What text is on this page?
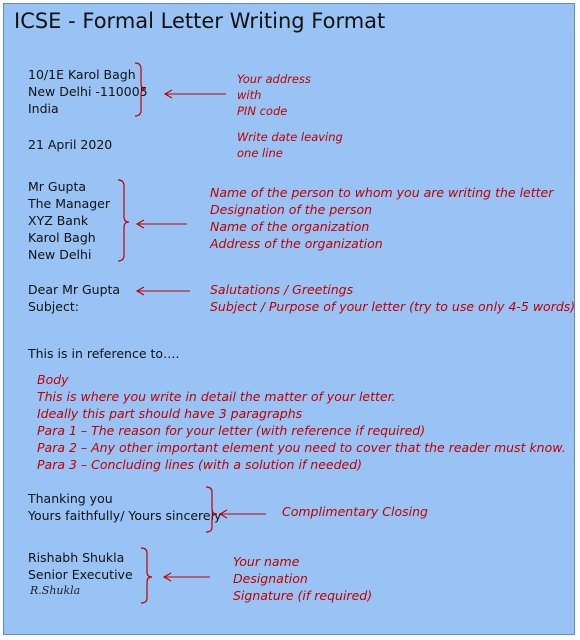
ICSE - Formal Letter Writing Format
10/1E Karol Bagh
New Delhi -110005
India
Your address
with
PIN code
21 April 2020	Write date leaving
one line
Mr Gupta
The Manager
XYZ Bank
Karol Bagh
New Delhi
Name of the person to whom you are writing the letter
Designation of the person
Name of the organization
Address of the organization
Dear Mr Gupta
Subject:
Salutations / Greetings
Subject / Purpose of your letter (try to use only 4-5 words)
This is in reference to….
Body
This is where you write in detail the matter of your letter.
Ideally this part should have 3 paragraphs
Para 1 – The reason for your letter (with reference if required)
Para 2 – Any other important element you need to cover that the reader must know.
Para 3 – Concluding lines (with a solution if needed)
Thanking you
Yours faithfully/ Yours sincerely	Complimentary Closing
Rishabh Shukla
Senior Executive
R.Shukla
Your name
Designation
Signature (if required)
